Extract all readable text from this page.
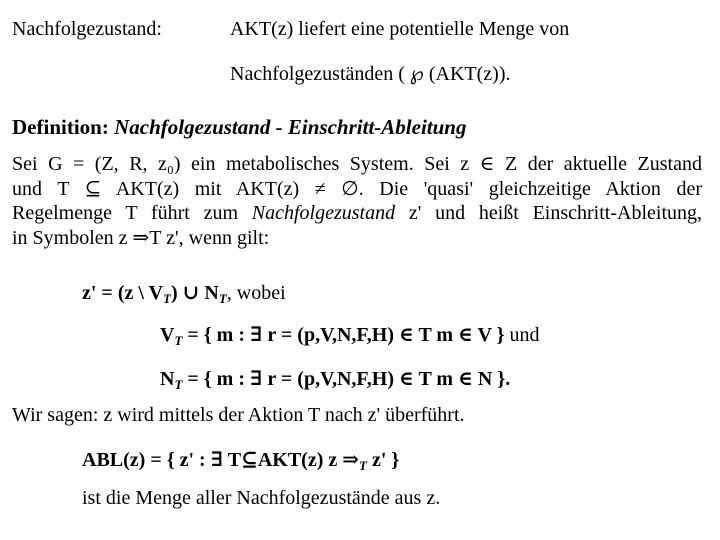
Nachfolgezustand:	AKT(z) liefert eine potentielle Menge von
Nachfolgezuständen ( ℘ (AKT(z)).
Definition: Nachfolgezustand - Einschritt-Ableitung
Sei G = (Z, R, z₀) ein metabolisches System. Sei z ∈ Z der aktuelle Zustand
und T ⊆ AKT(z) mit AKT(z) ≠ ∅. Die 'quasi' gleichzeitige Aktion der
Regelmenge T führt zum Nachfolgezustand z' und heißt Einschritt-Ableitung,
in Symbolen z ⇒T z', wenn gilt:
z' = (z \ $V_T$) ∪ $N_T$, wobei
$V_T$ = { m : ∃ r = (p,V,N,F,H) ∈ T m ∈ V } und
$N_T$ = { m : ∃ r = (p,V,N,F,H) ∈ T m ∈ N }.
Wir sagen: z wird mittels der Aktion T nach z' überführt.
ABL(z) = { z' : ∃ T⊆AKT(z) z $\Rightarrow_T$ z' }
ist die Menge aller Nachfolgezustände aus z.
